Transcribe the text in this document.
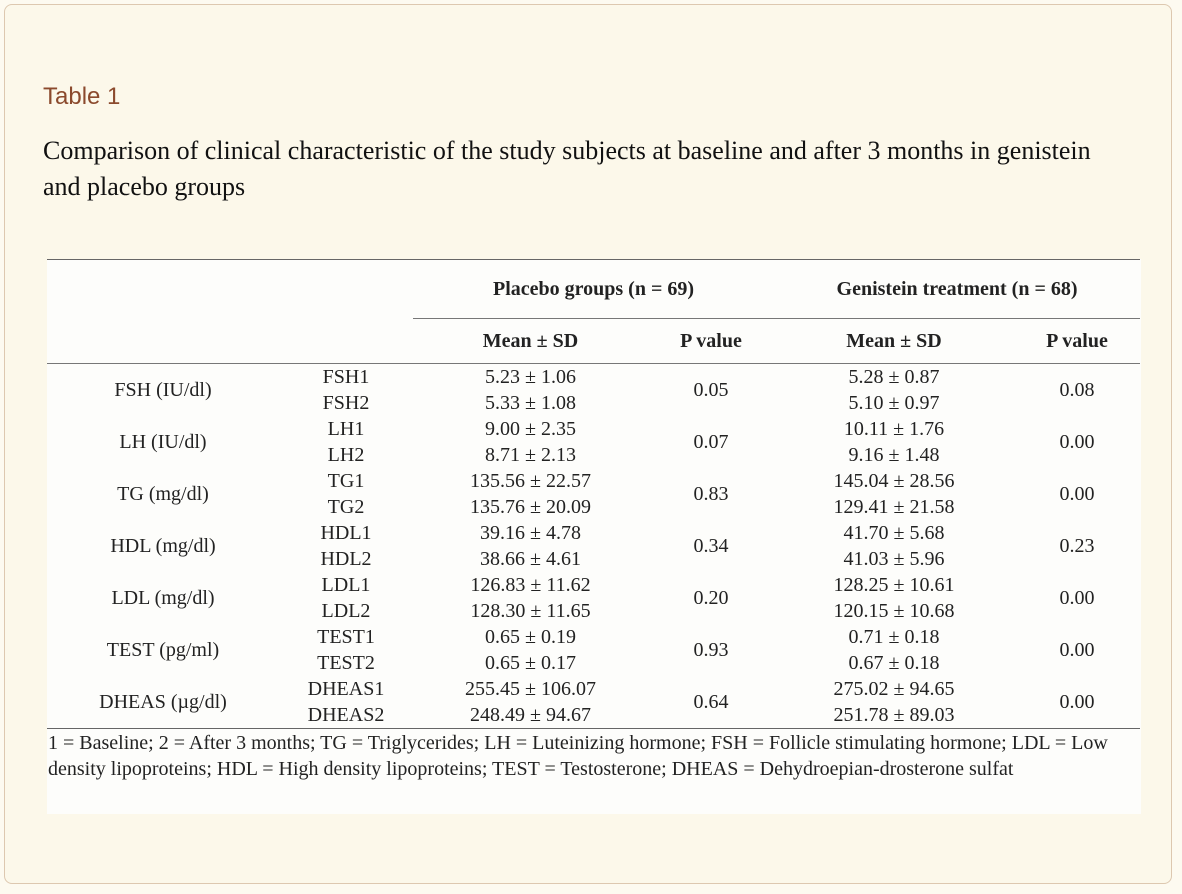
Table 1
Comparison of clinical characteristic of the study subjects at baseline and after 3 months in genistein and placebo groups
		Placebo groups (n = 69)		Genistein treatment (n = 68)	
		Mean ± SD	P value	Mean ± SD	P value
FSH (IU/dl)	FSH1	5.23 ± 1.06	0.05	5.28 ± 0.87	0.08
	FSH2	5.33 ± 1.08		5.10 ± 0.97	
LH (IU/dl)	LH1	9.00 ± 2.35	0.07	10.11 ± 1.76	0.00
	LH2	8.71 ± 2.13		9.16 ± 1.48	
TG (mg/dl)	TG1	135.56 ± 22.57	0.83	145.04 ± 28.56	0.00
	TG2	135.76 ± 20.09		129.41 ± 21.58	
HDL (mg/dl)	HDL1	39.16 ± 4.78	0.34	41.70 ± 5.68	0.23
	HDL2	38.66 ± 4.61		41.03 ± 5.96	
LDL (mg/dl)	LDL1	126.83 ± 11.62	0.20	128.25 ± 10.61	0.00
	LDL2	128.30 ± 11.65		120.15 ± 10.68	
TEST (pg/ml)	TEST1	0.65 ± 0.19	0.93	0.71 ± 0.18	0.00
	TEST2	0.65 ± 0.17		0.67 ± 0.18	
DHEAS (µg/dl)	DHEAS1	255.45 ± 106.07	0.64	275.02 ± 94.65	0.00
	DHEAS2	248.49 ± 94.67		251.78 ± 89.03	
1 = Baseline; 2 = After 3 months; TG = Triglycerides; LH = Luteinizing hormone; FSH = Follicle stimulating hormone; LDL = Low density lipoproteins; HDL = High density lipoproteins; TEST = Testosterone; DHEAS = Dehydroepian-drosterone sulfat
